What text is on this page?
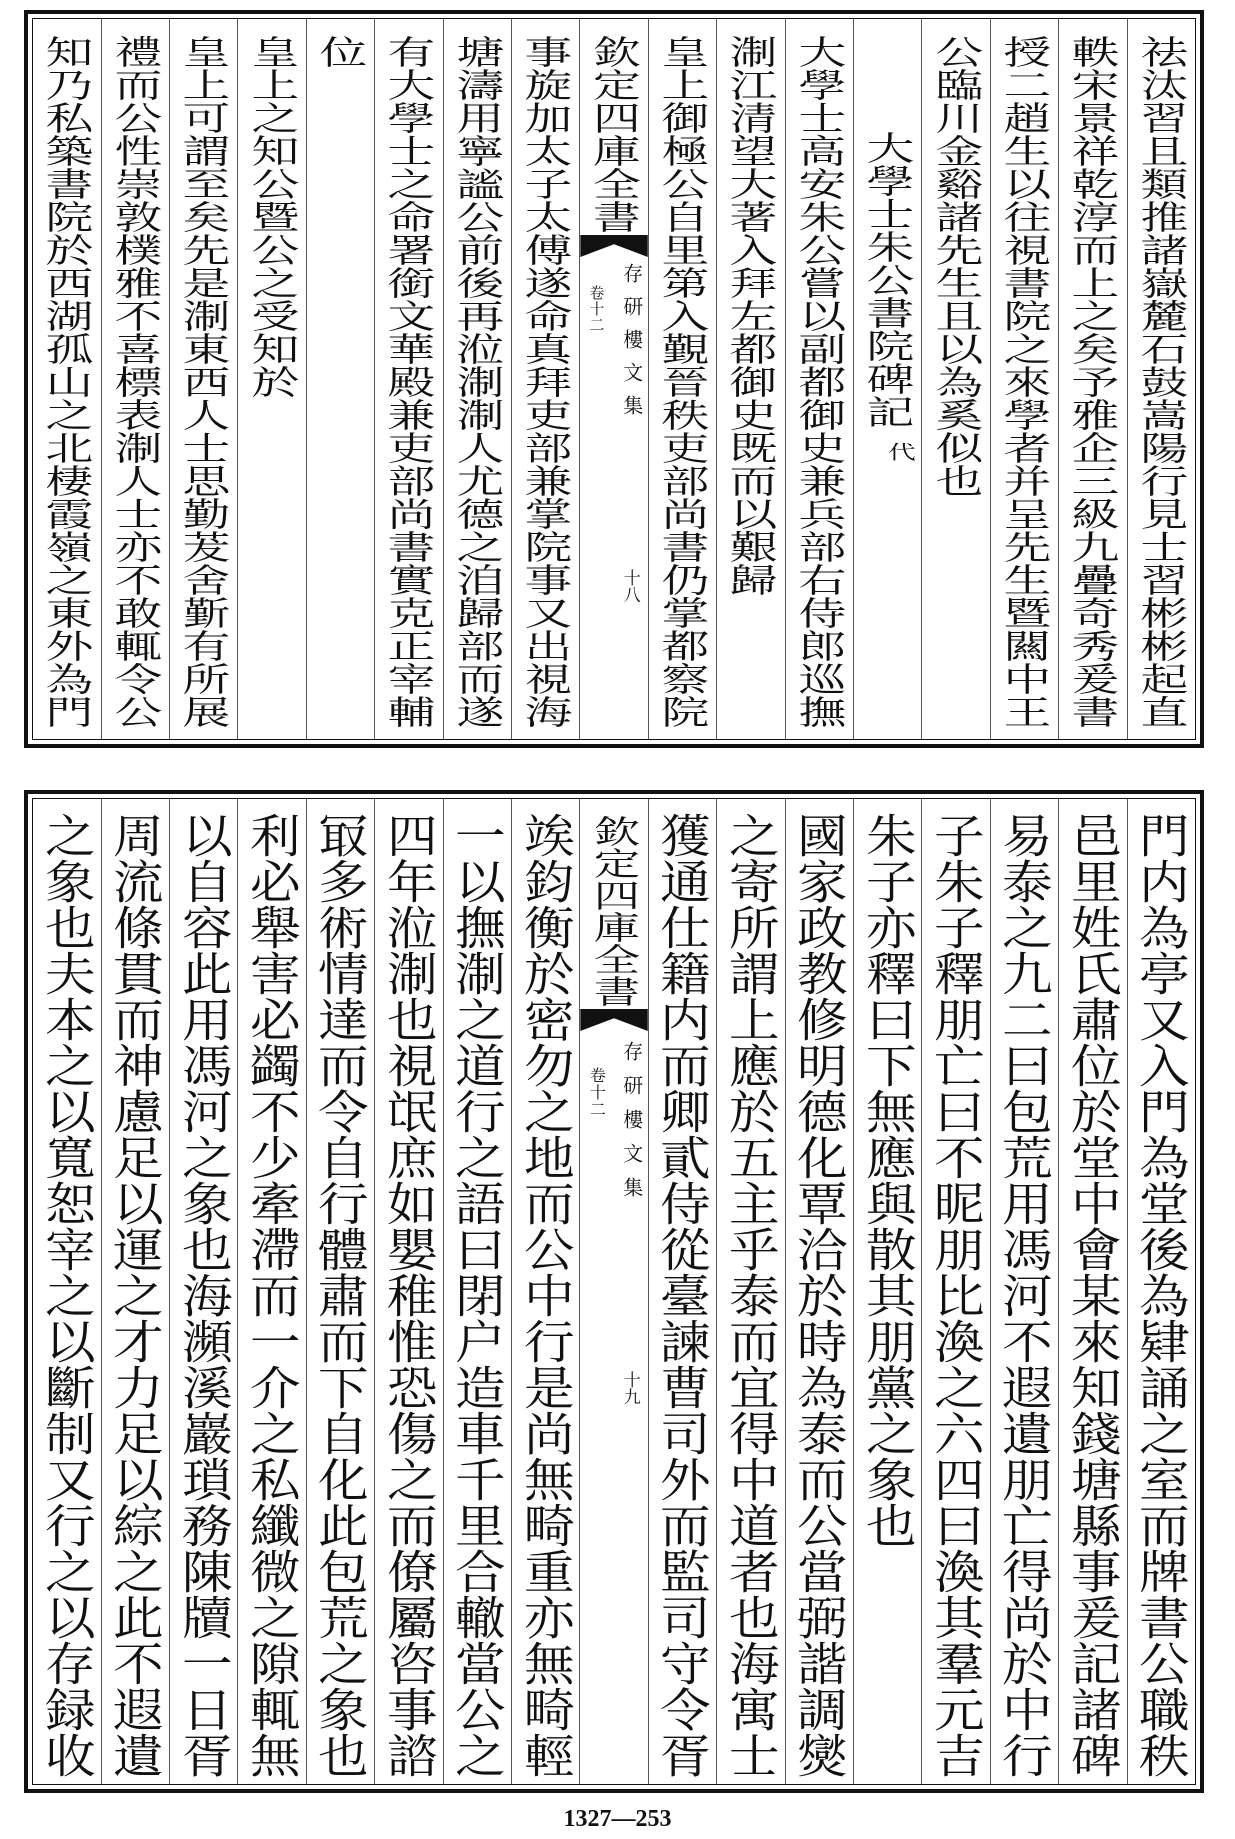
祛汰習且類推諸嶽麓石鼓嵩陽行見士習彬彬起直
軼宋景祥乾淳而上之矣予雅企三級九疊奇秀爰書
授二趙生以往視書院之來學者并呈先生暨闗中王
公臨川金谿諸先生且以為奚似也
大學士朱公書院碑記代
大學士高安朱公嘗以副都御史兼兵部右侍郎巡撫
淛江清望大著入拜左都御史既而以艱歸
皇上御極公自里第入覲晉秩吏部尚書仍掌都察院
欽定四庫全書
存研樓文集
卷十二
十八
事旋加太子太傅遂命真拜吏部兼掌院事又出視海
塘濤用寧謐公前後再涖淛淛人尤德之洎歸部而遂
有大學士之命署銜文華殿兼吏部尚書實克正宰輔
位
皇上之知公暨公之受知於
皇上可謂至矣先是淛東西人士思勤茇舍斳有所展
禮而公性崇敦樸雅不喜標表淛人士亦不敢輒令公
知乃私築書院於西湖孤山之北棲霞嶺之東外為門
門内為亭又入門為堂後為肄誦之室而牌書公職秩
邑里姓氏肅位於堂中會某來知錢塘縣事爰記諸碑
易泰之九二曰包荒用馮河不遐遺朋亡得尚於中行
子朱子釋朋亡曰不昵朋比渙之六四曰渙其羣元吉
朱子亦釋曰下無應與散其朋黨之象也
國家政教修明德化覃洽於時為泰而公當弼諧調爕
之寄所謂上應於五主乎泰而宜得中道者也海寓士
獲通仕籍内而卿貳侍從臺諫曹司外而監司守令胥
欽定四庫全書
存研樓文集
卷十二
十九
竢鈞衡於密勿之地而公中行是尚無畸重亦無畸輕
一以撫淛之道行之語曰閉户造車千里合轍當公之
四年涖淛也視氓庶如嬰稚惟恐傷之而僚屬咨事諮
冣多術情達而令自行體肅而下自化此包荒之象也
利必舉害必蠲不少牽滯而一介之私纖微之隙輒無
以自容此用馮河之象也海瀕溪巖瑣務陳牘一日胥
周流條貫而神慮足以運之才力足以綜之此不遐遺
之象也夫本之以寬恕宰之以斷制又行之以存録收
1327—253
